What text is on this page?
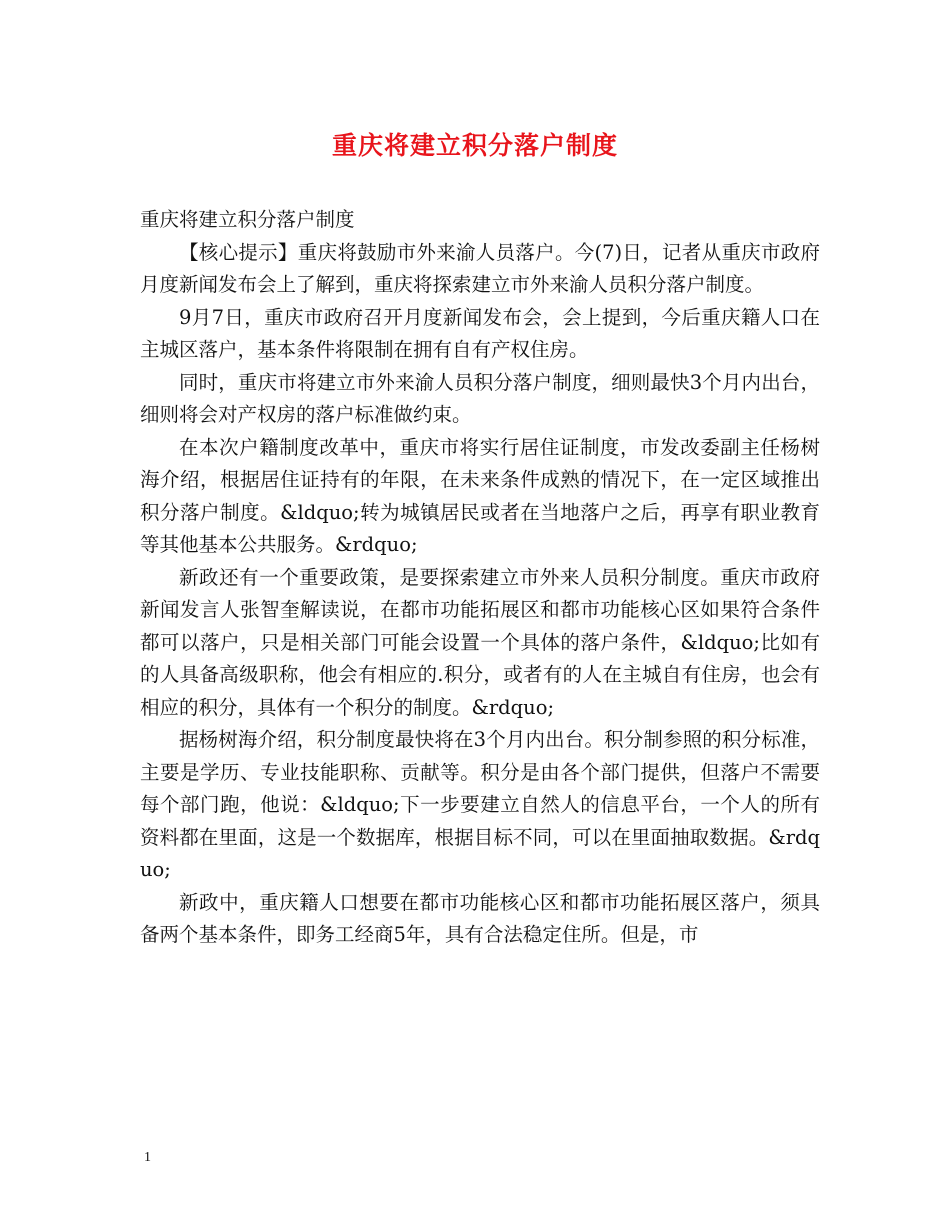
重庆将建立积分落户制度

重庆将建立积分落户制度

【核心提示】重庆将鼓励市外来渝人员落户。今(7)日，记者从重庆市政府月度新闻发布会上了解到，重庆将探索建立市外来渝人员积分落户制度。

9月7日，重庆市政府召开月度新闻发布会，会上提到，今后重庆籍人口在主城区落户，基本条件将限制在拥有自有产权住房。

同时，重庆市将建立市外来渝人员积分落户制度，细则最快3个月内出台，细则将会对产权房的落户标准做约束。

在本次户籍制度改革中，重庆市将实行居住证制度，市发改委副主任杨树海介绍，根据居住证持有的年限，在未来条件成熟的情况下，在一定区域推出积分落户制度。&ldquo;转为城镇居民或者在当地落户之后，再享有职业教育等其他基本公共服务。&rdquo;

新政还有一个重要政策，是要探索建立市外来人员积分制度。重庆市政府新闻发言人张智奎解读说，在都市功能拓展区和都市功能核心区如果符合条件都可以落户，只是相关部门可能会设置一个具体的落户条件，&ldquo;比如有的人具备高级职称，他会有相应的.积分，或者有的人在主城自有住房，也会有相应的积分，具体有一个积分的制度。&rdquo;

据杨树海介绍，积分制度最快将在3个月内出台。积分制参照的积分标准，主要是学历、专业技能职称、贡献等。积分是由各个部门提供，但落户不需要每个部门跑，他说：&ldquo;下一步要建立自然人的信息平台，一个人的所有资料都在里面，这是一个数据库，根据目标不同，可以在里面抽取数据。&rdquo;

新政中，重庆籍人口想要在都市功能核心区和都市功能拓展区落户，须具备两个基本条件，即务工经商5年，具有合法稳定住所。但是，市

1
